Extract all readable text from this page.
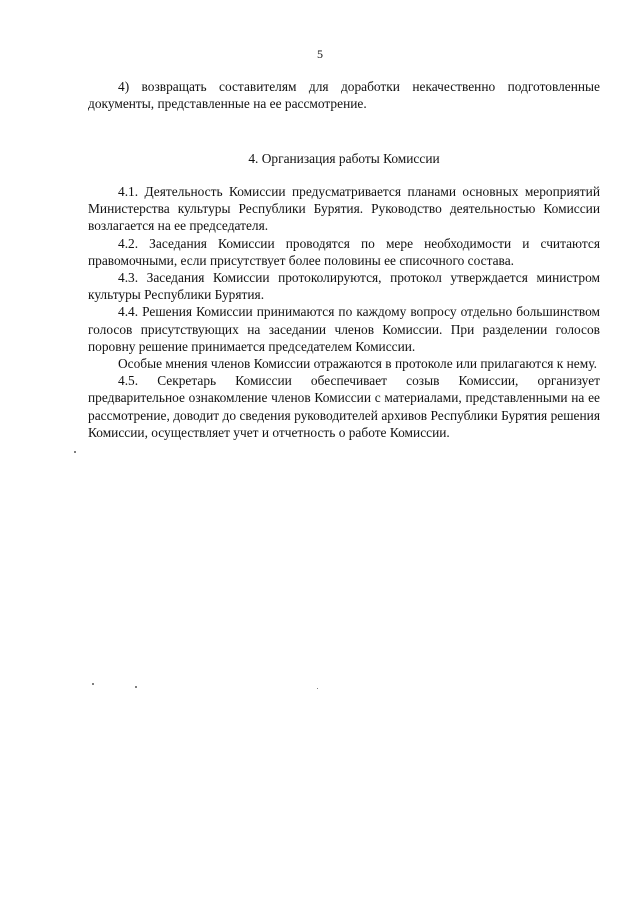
5

4) возвращать составителям для доработки некачественно подготовленные документы, представленные на ее рассмотрение.

4. Организация работы Комиссии

4.1. Деятельность Комиссии предусматривается планами основных мероприятий Министерства культуры Республики Бурятия. Руководство деятельностью Комиссии возлагается на ее председателя.

4.2. Заседания Комиссии проводятся по мере необходимости и считаются правомочными, если присутствует более половины ее списочного состава.

4.3. Заседания Комиссии протоколируются, протокол утверждается министром культуры Республики Бурятия.

4.4. Решения Комиссии принимаются по каждому вопросу отдельно большинством голосов присутствующих на заседании членов Комиссии. При разделении голосов поровну решение принимается председателем Комиссии.

Особые мнения членов Комиссии отражаются в протоколе или прилагаются к нему.

4.5. Секретарь Комиссии обеспечивает созыв Комиссии, организует предварительное ознакомление членов Комиссии с материалами, представленными на ее рассмотрение, доводит до сведения руководителей архивов Республики Бурятия решения Комиссии, осуществляет учет и отчетность о работе Комиссии.
